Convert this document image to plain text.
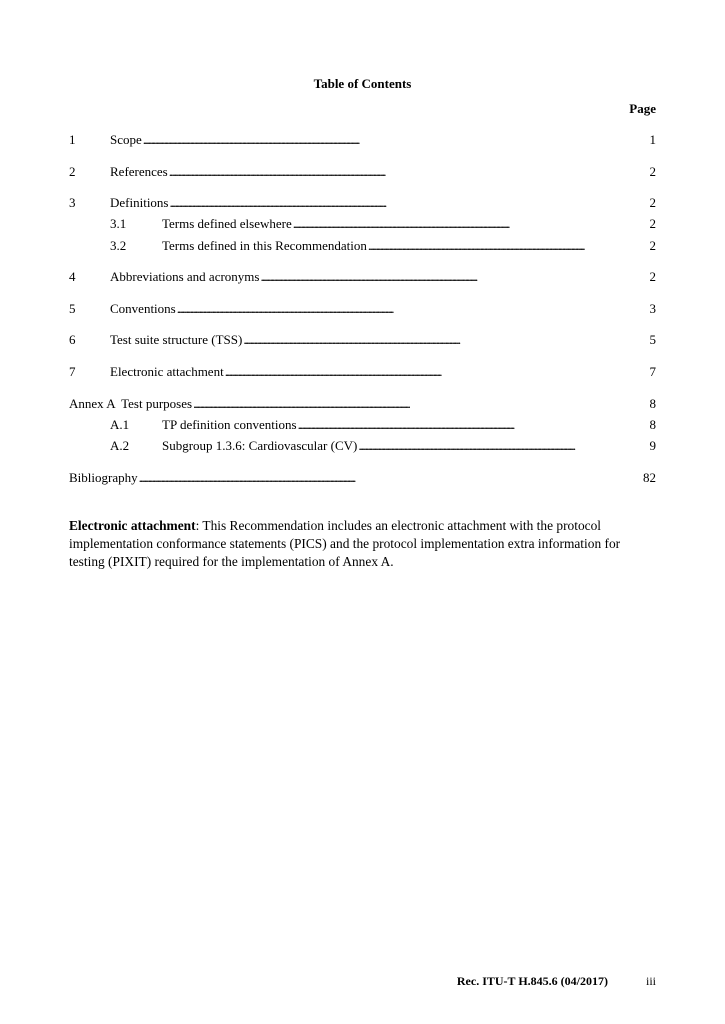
Table of Contents
Page
1	Scope . . .	1
2	References . . .	2
3	Definitions . . .	2
3.1	Terms defined elsewhere . . .	2
3.2	Terms defined in this Recommendation . . .	2
4	Abbreviations and acronyms . . .	2
5	Conventions . . .	3
6	Test suite structure (TSS) . . .	5
7	Electronic attachment . . .	7
Annex A  Test purposes . . .	8
A.1	TP definition conventions . . .	8
A.2	Subgroup 1.3.6: Cardiovascular (CV) . . .	9
Bibliography . . .	82
Electronic attachment: This Recommendation includes an electronic attachment with the protocol implementation conformance statements (PICS) and the protocol implementation extra information for testing (PIXIT) required for the implementation of Annex A.
Rec. ITU-T H.845.6 (04/2017)	iii
